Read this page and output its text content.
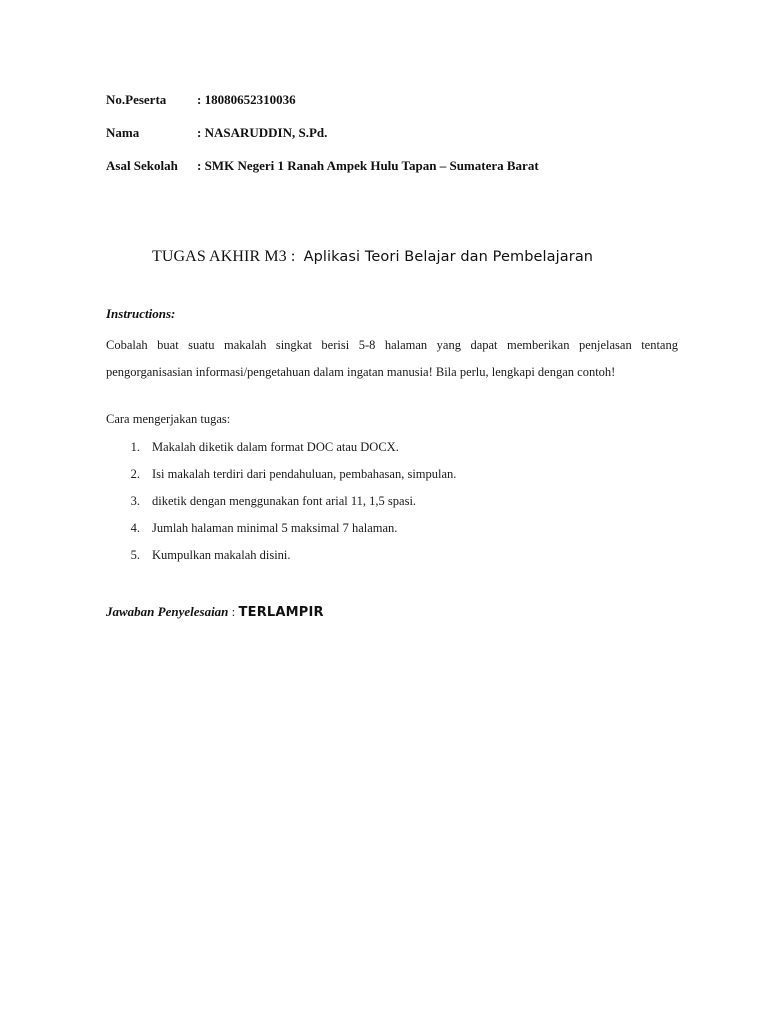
No.Peserta	: 18080652310036
Nama	: NASARUDDIN, S.Pd.
Asal Sekolah	: SMK Negeri 1 Ranah Ampek Hulu Tapan – Sumatera Barat
TUGAS AKHIR M3 : Aplikasi Teori Belajar dan Pembelajaran
Instructions:
Cobalah buat suatu makalah singkat berisi 5-8 halaman yang dapat memberikan penjelasan tentang pengorganisasian informasi/pengetahuan dalam ingatan manusia! Bila perlu, lengkapi dengan contoh!
Cara mengerjakan tugas:
1. Makalah diketik dalam format DOC atau DOCX.
2. Isi makalah terdiri dari pendahuluan, pembahasan, simpulan.
3. diketik dengan menggunakan font arial 11, 1,5 spasi.
4. Jumlah halaman minimal 5 maksimal 7 halaman.
5. Kumpulkan makalah disini.
Jawaban Penyelesaian : TERLAMPIR
